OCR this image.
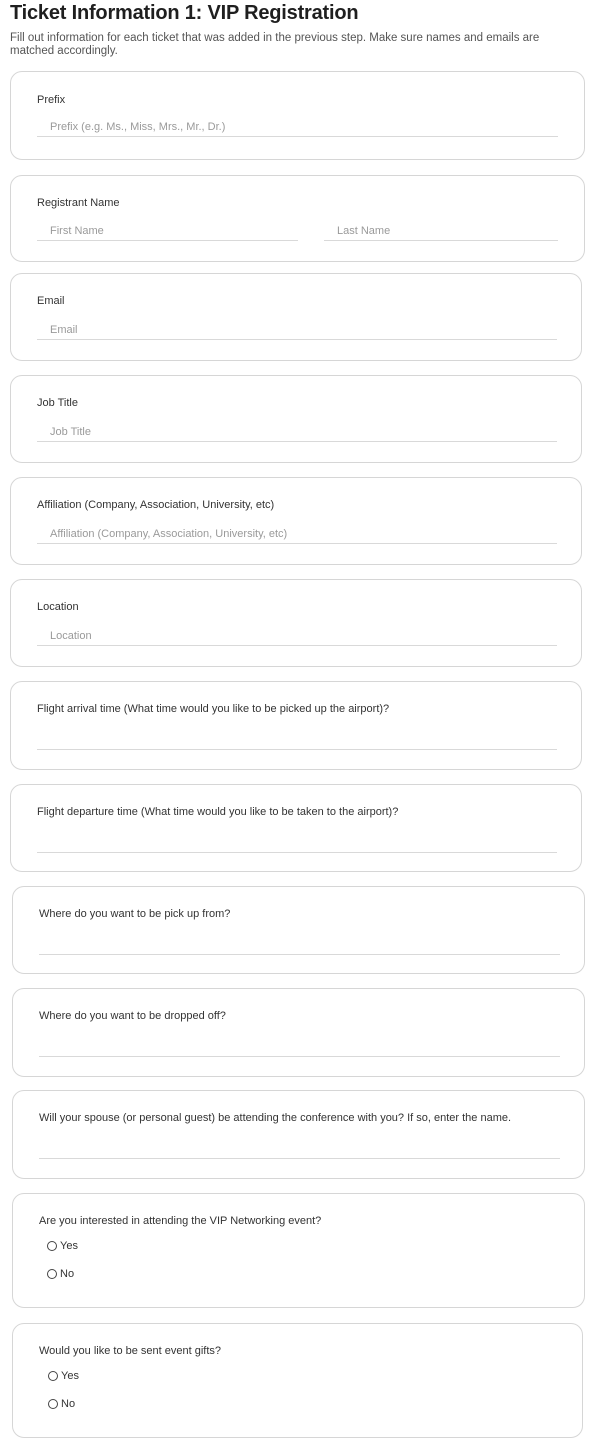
Ticket Information 1: VIP Registration

Fill out information for each ticket that was added in the previous step. Make sure names and emails are matched accordingly.

Prefix
Prefix (e.g. Ms., Miss, Mrs., Mr., Dr.)
Registrant Name
First Name
Last Name
Email
Email
Job Title
Job Title
Affiliation (Company, Association, University, etc)
Affiliation (Company, Association, University, etc)
Location
Location
Flight arrival time (What time would you like to be picked up the airport)?
Flight departure time (What time would you like to be taken to the airport)?
Where do you want to be pick up from?
Where do you want to be dropped off?
Will your spouse (or personal guest) be attending the conference with you? If so, enter the name.
Are you interested in attending the VIP Networking event?
Yes
No
Would you like to be sent event gifts?
Yes
No
